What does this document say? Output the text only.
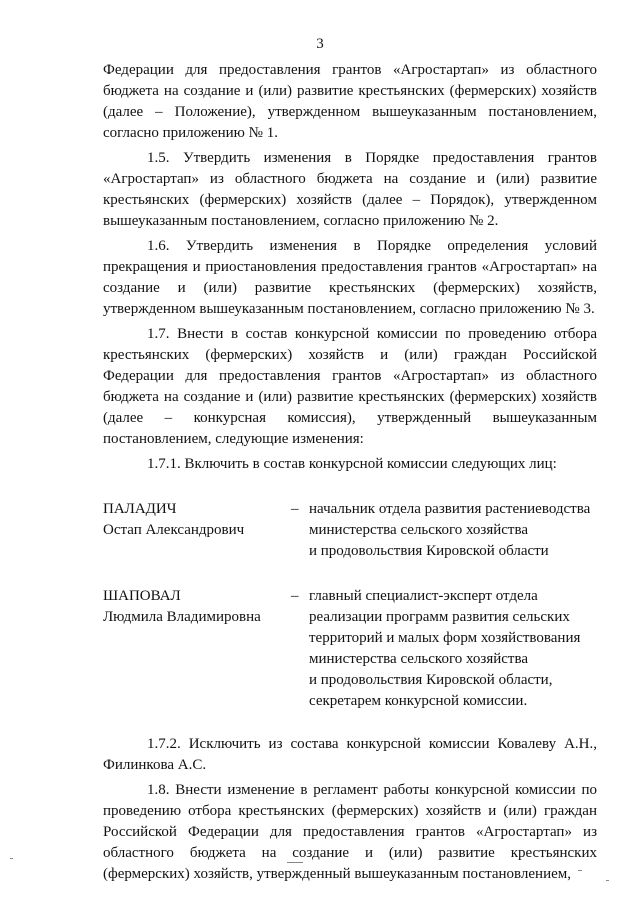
3

Федерации для предоставления грантов «Агростартап» из областного бюджета на создание и (или) развитие крестьянских (фермерских) хозяйств (далее – Положение), утвержденном вышеуказанным постановлением, согласно приложению № 1.

1.5. Утвердить изменения в Порядке предоставления грантов «Агростартап» из областного бюджета на создание и (или) развитие крестьянских (фермерских) хозяйств (далее – Порядок), утвержденном вышеуказанным постановлением, согласно приложению № 2.

1.6. Утвердить изменения в Порядке определения условий прекращения и приостановления предоставления грантов «Агростартап» на создание и (или) развитие крестьянских (фермерских) хозяйств, утвержденном вышеуказанным постановлением, согласно приложению № 3.

1.7. Внести в состав конкурсной комиссии по проведению отбора крестьянских (фермерских) хозяйств и (или) граждан Российской Федерации для предоставления грантов «Агростартап» из областного бюджета на создание и (или) развитие крестьянских (фермерских) хозяйств (далее – конкурсная комиссия), утвержденный вышеуказанным постановлением, следующие изменения:

1.7.1. Включить в состав конкурсной комиссии следующих лиц:

ПАЛАДИЧ
Остап Александрович
– начальник отдела развития растениеводства
министерства сельского хозяйства
и продовольствия Кировской области
ШАПОВАЛ
Людмила Владимировна
– главный специалист-эксперт отдела
реализации программ развития сельских
территорий и малых форм хозяйствования
министерства сельского хозяйства
и продовольствия Кировской области,
секретарем конкурсной комиссии.

1.7.2. Исключить из состава конкурсной комиссии Ковалеву А.Н., Филинкова А.С.

1.8. Внести изменение в регламент работы конкурсной комиссии по проведению отбора крестьянских (фермерских) хозяйств и (или) граждан Российской Федерации для предоставления грантов «Агростартап» из областного бюджета на создание и (или) развитие крестьянских (фермерских) хозяйств, утвержденный вышеуказанным постановлением,
